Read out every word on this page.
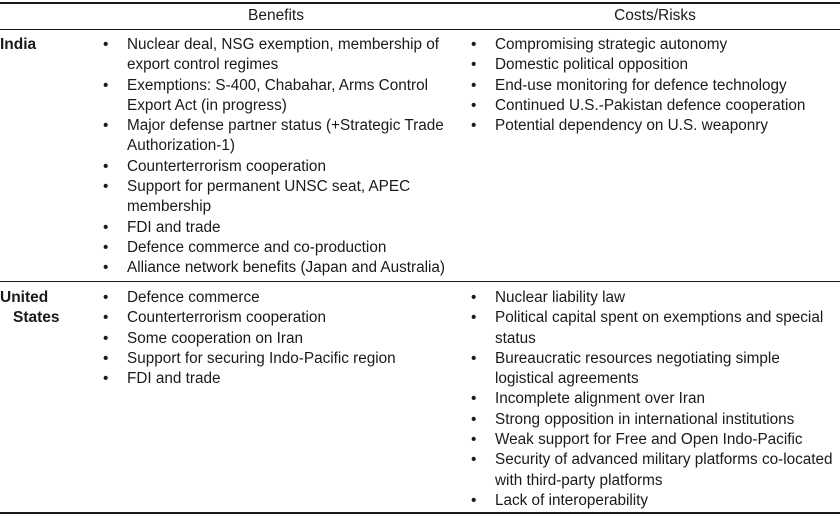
Benefits	Costs/Risks
India
•	Nuclear deal, NSG exemption, membership of export control regimes
• Exemptions: S-400, Chabahar, Arms Control Export Act (in progress)
• Major defense partner status (+Strategic Trade Authorization-1)
• Counterterrorism cooperation
• Support for permanent UNSC seat, APEC membership
• FDI and trade
• Defence commerce and co-production
• Alliance network benefits (Japan and Australia)
• Compromising strategic autonomy
• Domestic political opposition
• End-use monitoring for defence technology
• Continued U.S.-Pakistan defence cooperation
• Potential dependency on U.S. weaponry
United
States
• Defence commerce
• Counterterrorism cooperation
• Some cooperation on Iran
• Support for securing Indo-Pacific region
• FDI and trade
• Nuclear liability law
• Political capital spent on exemptions and special status
• Bureaucratic resources negotiating simple logistical agreements
• Incomplete alignment over Iran
• Strong opposition in international institutions
• Weak support for Free and Open Indo-Pacific
• Security of advanced military platforms co-located with third-party platforms
• Lack of interoperability
